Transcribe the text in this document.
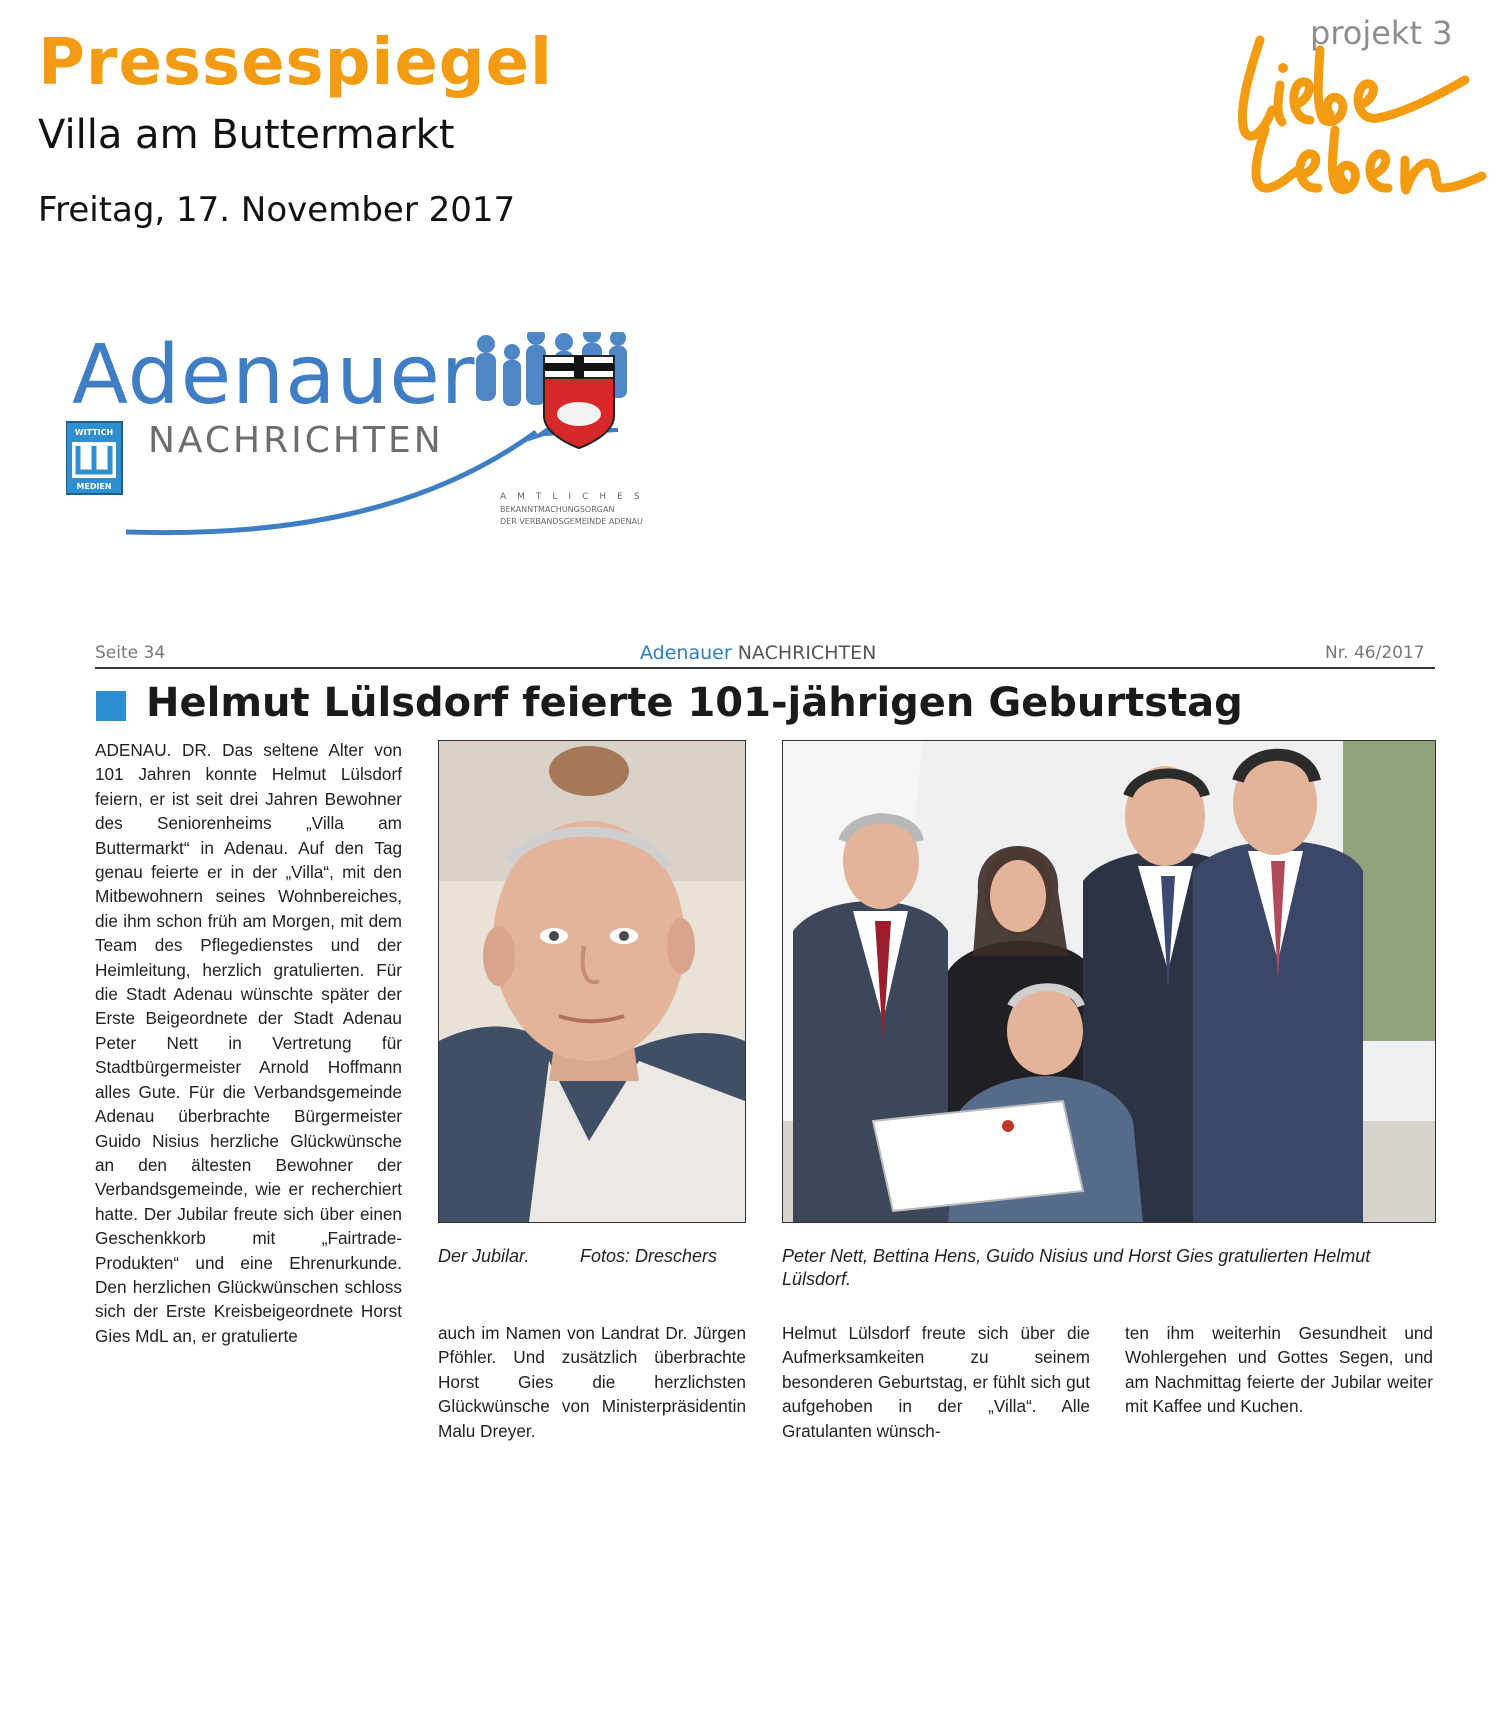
Pressespiegel
Villa am Buttermarkt
Freitag, 17. November 2017
projekt 3
WITTICH
MEDIEN
Adenauer
NACHRICHTEN
AMTLICHES
BEKANNTMACHUNGSORGAN
DER VERBANDSGEMEINDE ADENAU
Seite 34	Adenauer NACHRICHTEN	Nr. 46/2017
Helmut Lülsdorf feierte 101-jährigen Geburtstag
ADENAU. DR. Das seltene Alter von 101 Jahren konnte Helmut Lülsdorf feiern, er ist seit drei Jahren Bewohner des Seniorenheims „Villa am Buttermarkt“ in Adenau. Auf den Tag genau feierte er in der „Villa“, mit den Mitbewohnern seines Wohnbereiches, die ihm schon früh am Morgen, mit dem Team des Pflegedienstes und der Heimleitung, herzlich gratulierten. Für die Stadt Adenau wünschte später der Erste Beigeordnete der Stadt Adenau Peter Nett in Vertretung für Stadtbürgermeister Arnold Hoffmann alles Gute. Für die Verbandsgemeinde Adenau überbrachte Bürgermeister Guido Nisius herzliche Glückwünsche an den ältesten Bewohner der Verbandsgemeinde, wie er recherchiert hatte. Der Jubilar freute sich über einen Geschenkkorb mit „Fairtrade-Produkten“ und eine Ehrenurkunde. Den herzlichen Glückwünschen schloss sich der Erste Kreisbeigeordnete Horst Gies MdL an, er gratulierte	auch im Namen von Landrat Dr. Jürgen Pföhler. Und zusätzlich überbrachte Horst Gies die herzlichsten Glückwünsche von Ministerpräsidentin Malu Dreyer.
Helmut Lülsdorf freute sich über die Aufmerksamkeiten zu seinem besonderen Geburtstag, er fühlt sich gut aufgehoben in der „Villa“. Alle Gratulanten wünsch-
ten ihm weiterhin Gesundheit und Wohlergehen und Gottes Segen, und am Nachmittag feierte der Jubilar weiter mit Kaffee und Kuchen.
Der Jubilar.	Fotos: Dreschers	Peter Nett, Bettina Hens, Guido Nisius und Horst Gies gratulierten Helmut Lülsdorf.
